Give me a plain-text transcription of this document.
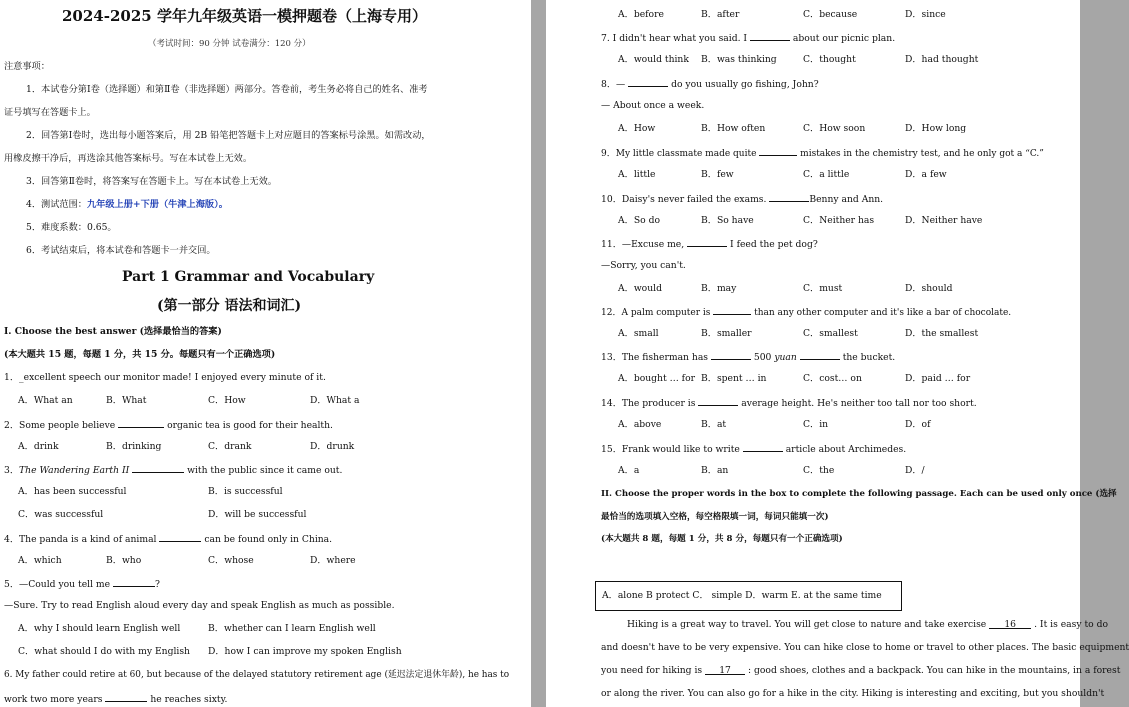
2024-2025 学年九年级英语一模押题卷（上海专用）
（考试时间：90 分钟 试卷满分：120 分）
注意事项：
1．本试卷分第Ⅰ卷（选择题）和第Ⅱ卷（非选择题）两部分。答卷前，考生务必将自己的姓名、准考
证号填写在答题卡上。
2．回答第Ⅰ卷时，选出每小题答案后，用 2B 铅笔把答题卡上对应题目的答案标号涂黑。如需改动，
用橡皮擦干净后，再选涂其他答案标号。写在本试卷上无效。
3．回答第Ⅱ卷时，将答案写在答题卡上。写在本试卷上无效。
4．测试范围：九年级上册+下册（牛津上海版）。
5．难度系数：0.65。
6．考试结束后，将本试卷和答题卡一并交回。
Part 1 Grammar and Vocabulary
(第一部分 语法和词汇)
I. Choose the best answer (选择最恰当的答案)
(本大题共 15 题，每题 1 分，共 15 分。每题只有一个正确选项)
1．_excellent speech our monitor made! I enjoyed every minute of it.
A．What an	B．What	C．How	D．What a
2．Some people believe	organic tea is good for their health.
A．drink	B．drinking	C．drank	D．drunk
3．The Wandering Earth II	with the public since it came out.
A．has been successful	B．is successful
C．was successful	D．will be successful
4．The panda is a kind of animal	can be found only in China.
A．which	B．who	C．whose	D．where
5．—Could you tell me	?
—Sure. Try to read English aloud every day and speak English as much as possible.
A．why I should learn English well	B．whether can I learn English well
C．what should I do with my English D．how I can improve my spoken English
6. My father could retire at 60, but because of the delayed statutory retirement age (延迟法定退休年龄), he has to
work two more years	he reaches sixty.
A．before	B．after	C．because	D．since
7. I didn't hear what you said. I	about our picnic plan.
A．would think B．was thinking	C．thought	D．had thought
8．—	do you usually go fishing, John?
— About once a week.
A．How	B．How often	C．How soon	D．How long
9．My little classmate made quite	mistakes in the chemistry test, and he only got a “C.”
A．little	B．few	C．a little	D．a few
10．Daisy's never failed the exams.	Benny and Ann.
A．So do	B．So have	C．Neither has	D．Neither have
11．—Excuse me,	I feed the pet dog?
—Sorry, you can't.
A．would	B．may	C．must	D．should
12．A palm computer is	than any other computer and it's like a bar of chocolate.
A．small	B．smaller	C．smallest	D．the smallest
13．The fisherman has	500 yuan	the bucket.
A．bought … for B．spent … in	C．cost… on	D．paid … for
14．The producer is	average height. He's neither too tall nor too short.
A．above	B．at	C．in	D．of
15．Frank would like to write	article about Archimedes.
A．a	B．an	C．the	D．/
II. Choose the proper words in the box to complete the following passage. Each can be used only once (选择
最恰当的选项填入空格，每空格限填一词，每词只能填一次)
(本大题共 8 题，每题 1 分，共 8 分，每题只有一个正确选项)
A．alone B protect C． simple D．warm E. at the same time
Hiking is a great way to travel. You will get close to nature and take exercise 16 . It is easy to do
and doesn't have to be very expensive. You can hike close to home or travel to other places. The basic equipment
you need for hiking is 17 : good shoes, clothes and a backpack. You can hike in the mountains, in a forest
or along the river. You can also go for a hike in the city. Hiking is interesting and exciting, but you shouldn't
